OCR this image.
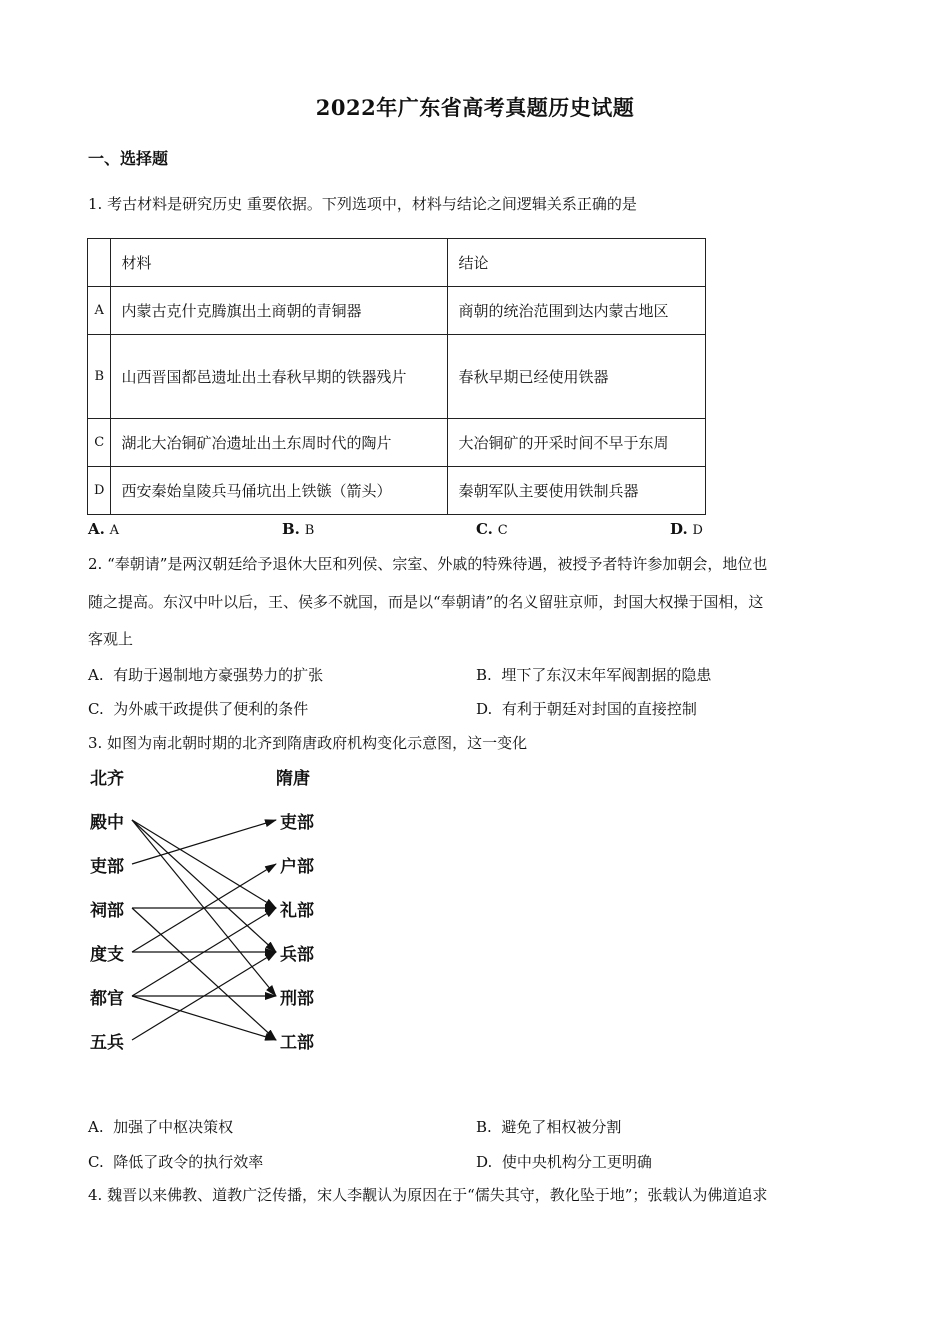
2022年广东省高考真题历史试题
一、选择题
1. 考古材料是研究历史 重要依据。下列选项中，材料与结论之间逻辑关系正确的是
	材料	结论
A	内蒙古克什克腾旗出土商朝的青铜器	商朝的统治范围到达内蒙古地区
B	山西晋国都邑遗址出土春秋早期的铁器残片	春秋早期已经使用铁器
C	湖北大冶铜矿冶遗址出土东周时代的陶片	大冶铜矿的开采时间不早于东周
D	西安秦始皇陵兵马俑坑出上铁镞（箭头）	秦朝军队主要使用铁制兵器
A. A	B. B	C. C	D. D
2. “奉朝请”是两汉朝廷给予退休大臣和列侯、宗室、外戚的特殊待遇，被授予者特许参加朝会，地位也
随之提高。东汉中叶以后，王、侯多不就国，而是以“奉朝请”的名义留驻京师，封国大权操于国相，这
客观上
A. 有助于遏制地方豪强势力的扩张	B. 埋下了东汉末年军阀割据的隐患
C. 为外戚干政提供了便利的条件	D. 有利于朝廷对封国的直接控制
3. 如图为南北朝时期的北齐到隋唐政府机构变化示意图，这一变化
北齐	隋唐
殿中
吏部
祠部
度支
都官
五兵
吏部
户部
礼部
兵部
刑部
工部
A. 加强了中枢决策权	B. 避免了相权被分割
C. 降低了政令的执行效率	D. 使中央机构分工更明确
4. 魏晋以来佛教、道教广泛传播，宋人李觏认为原因在于“儒失其守，教化坠于地”；张载认为佛道追求
